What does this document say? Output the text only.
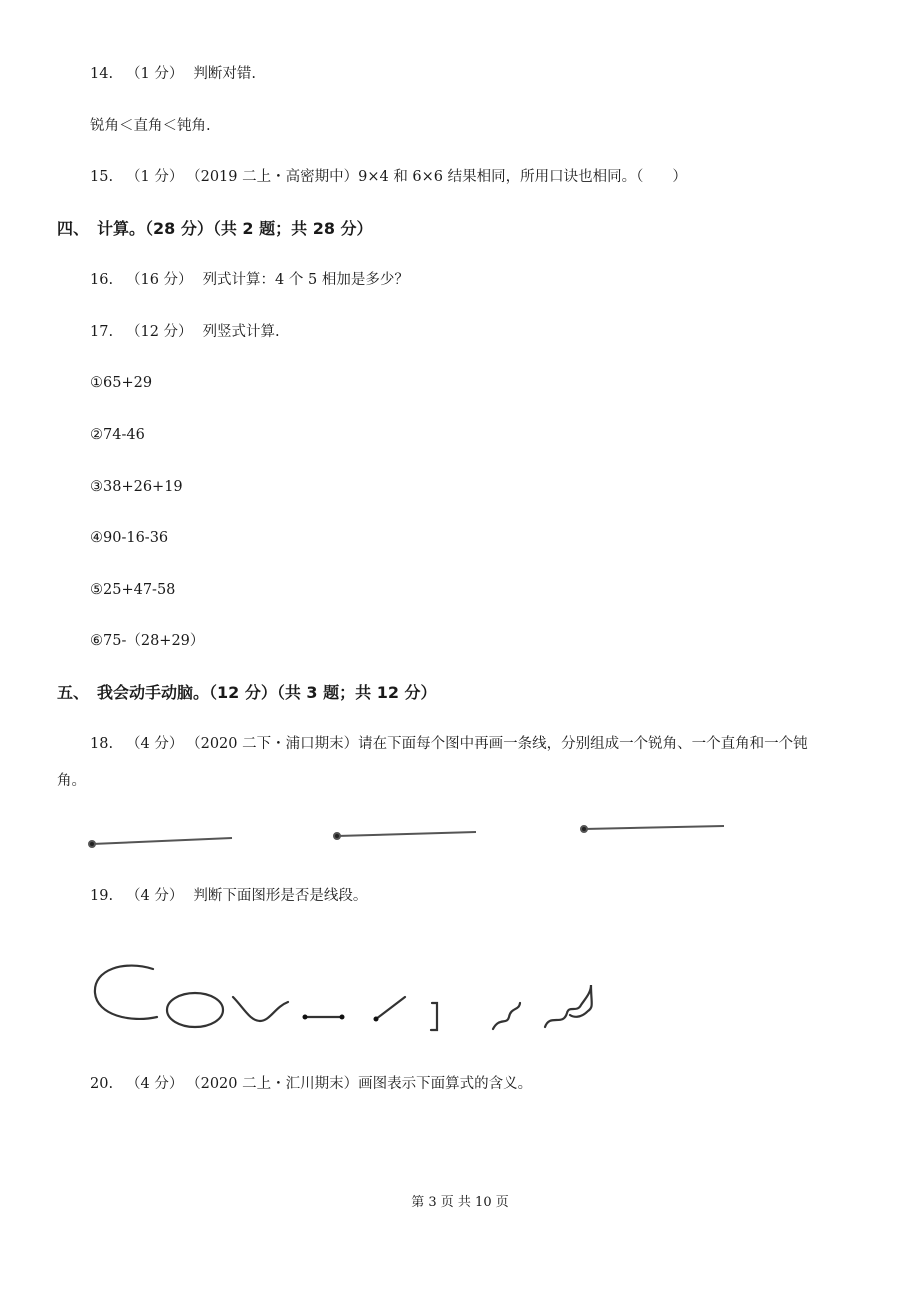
14. （1 分） 判断对错.
锐角＜直角＜钝角.
15. （1 分） （2019 二上・高密期中）9×4 和 6×6 结果相同，所用口诀也相同。（　　）
四、 计算。（28 分）（共 2 题；共 28 分）
16. （16 分） 列式计算：4 个 5 相加是多少？
17. （12 分） 列竖式计算.
①65+29
②74-46
③38+26+19
④90-16-36
⑤25+47-58
⑥75-（28+29）
五、 我会动手动脑。（12 分）（共 3 题；共 12 分）
18. （4 分） （2020 二下・浦口期末）请在下面每个图中再画一条线，分别组成一个锐角、一个直角和一个钝
角。
19. （4 分） 判断下面图形是否是线段。
20. （4 分） （2020 二上・汇川期末）画图表示下面算式的含义。
第 3 页 共 10 页
